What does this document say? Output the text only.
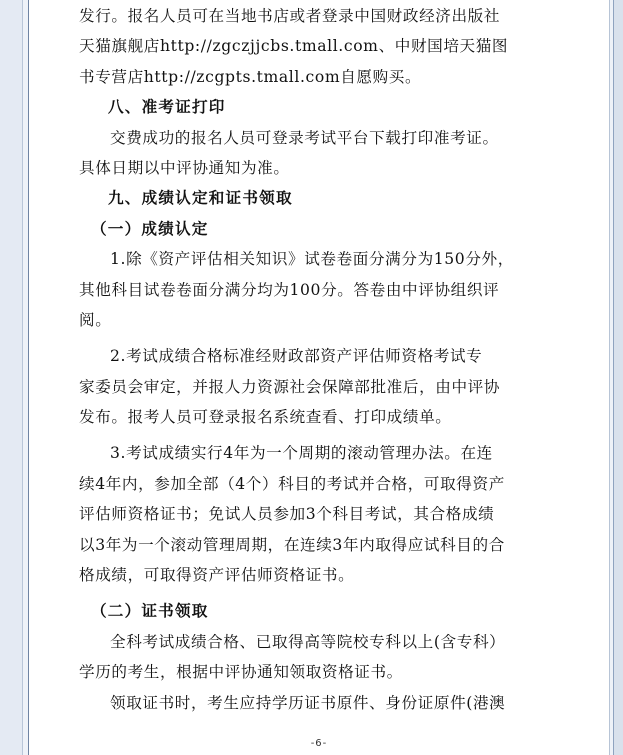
发行。报名人员可在当地书店或者登录中国财政经济出版社
天猫旗舰店http://zgczjjcbs.tmall.com、中财国培天猫图
书专营店http://zcgpts.tmall.com自愿购买。
八、准考证打印
交费成功的报名人员可登录考试平台下载打印准考证。
具体日期以中评协通知为准。
九、成绩认定和证书领取
（一）成绩认定
1.除《资产评估相关知识》试卷卷面分满分为150分外，
其他科目试卷卷面分满分均为100分。答卷由中评协组织评
阅。
2.考试成绩合格标准经财政部资产评估师资格考试专
家委员会审定，并报人力资源社会保障部批准后，由中评协
发布。报考人员可登录报名系统查看、打印成绩单。
3.考试成绩实行4年为一个周期的滚动管理办法。在连
续4年内，参加全部（4个）科目的考试并合格，可取得资产
评估师资格证书；免试人员参加3个科目考试，其合格成绩
以3年为一个滚动管理周期，在连续3年内取得应试科目的合
格成绩，可取得资产评估师资格证书。
（二）证书领取
全科考试成绩合格、已取得高等院校专科以上(含专科）
学历的考生，根据中评协通知领取资格证书。
领取证书时，考生应持学历证书原件、身份证原件(港澳
-6-
